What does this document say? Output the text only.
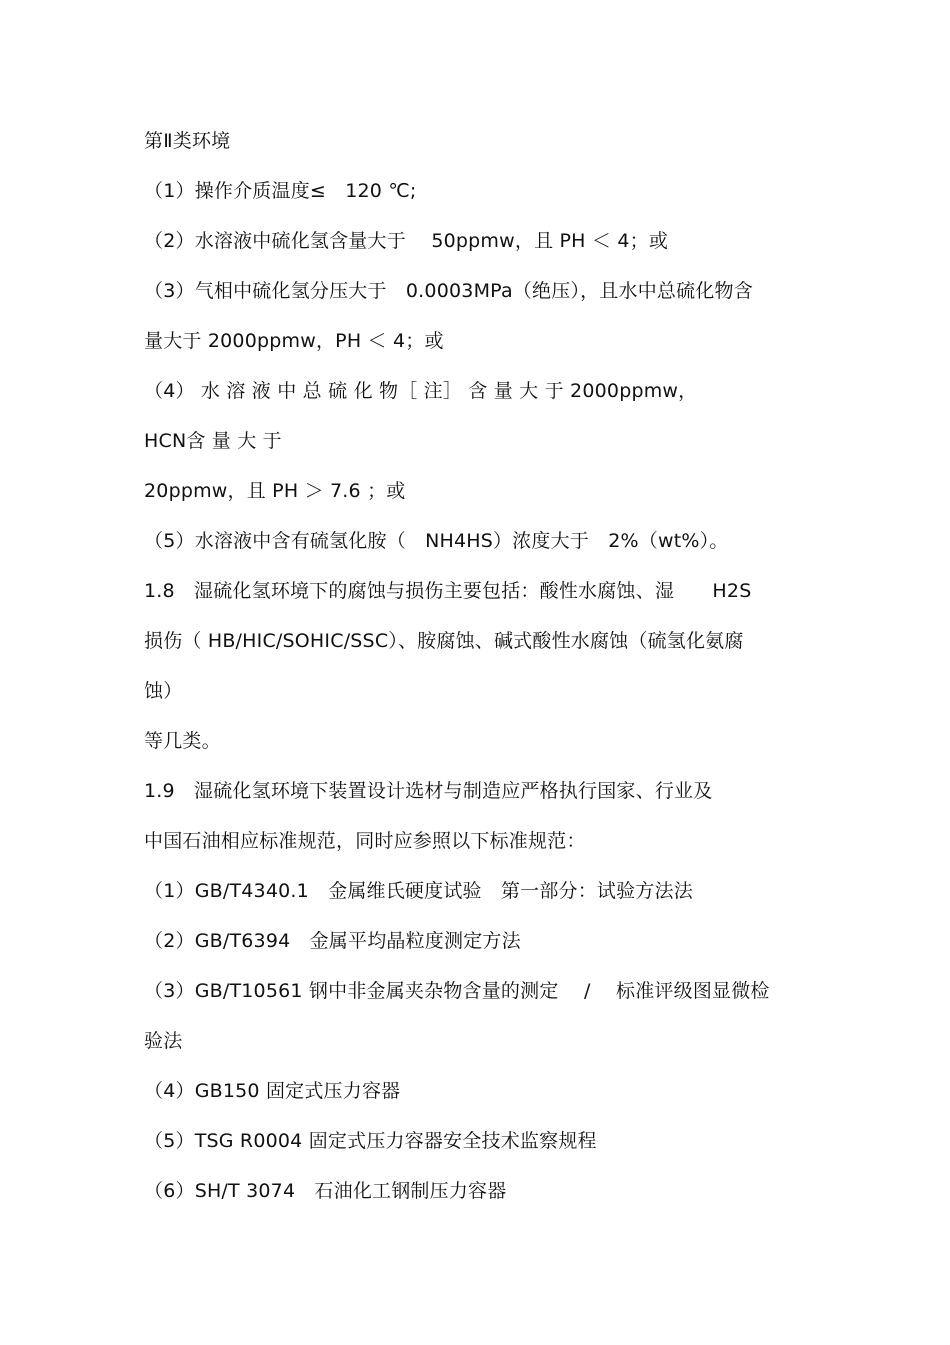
第Ⅱ类环境
（1）操作介质温度≤　120 ℃;
（2）水溶液中硫化氢含量大于　 50ppmw，且 PH ＜ 4；或
（3）气相中硫化氢分压大于　0.0003MPa（绝压），且水中总硫化物含
量大于 2000ppmw，PH ＜ 4；或
（4） 水 溶 液 中 总 硫 化 物［ 注］ 含 量 大 于 2000ppmw，
HCN含 量 大 于
20ppmw，且 PH ＞ 7.6 ；或
（5）水溶液中含有硫氢化胺（　NH4HS）浓度大于　2%（wt%）。
1.8　湿硫化氢环境下的腐蚀与损伤主要包括：酸性水腐蚀、湿　　H2S
损伤（ HB/HIC/SOHIC/SSC）、胺腐蚀、碱式酸性水腐蚀（硫氢化氨腐
蚀）
等几类。
1.9　湿硫化氢环境下装置设计选材与制造应严格执行国家、行业及
中国石油相应标准规范，同时应参照以下标准规范：
（1）GB/T4340.1　金属维氏硬度试验　第一部分：试验方法法
（2）GB/T6394　金属平均晶粒度测定方法
（3）GB/T10561 钢中非金属夹杂物含量的测定　 /　 标准评级图显微检
验法
（4）GB150 固定式压力容器
（5）TSG R0004 固定式压力容器安全技术监察规程
（6）SH/T 3074　石油化工钢制压力容器
